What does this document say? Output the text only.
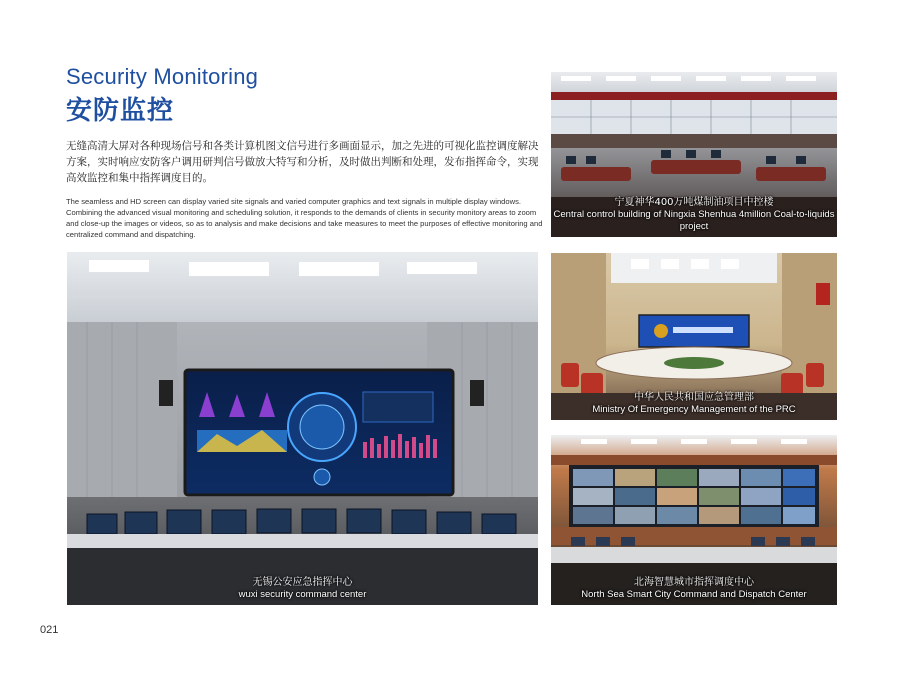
Security Monitoring
安防监控
无缝高清大屏对各种现场信号和各类计算机图文信号进行多画面显示，加之先进的可视化监控调度解决方案，实时响应安防客户调用研判信号做放大特写和分析，及时做出判断和处理，发布指挥命令，实现高效监控和集中指挥调度目的。
The seamless and HD screen can display varied site signals and varied computer graphics and text signals in multiple display windows. Combining the advanced visual monitoring and scheduling solution, it responds to the demands of clients in security monitory areas to zoom and close-up the images or videos, so as to analysis and make decisions and take measures to meet the purposes of effective monitoring and centralized command and dispatching.
无锡公安应急指挥中心
wuxi security command center
宁夏神华400万吨煤制油项目中控楼
Central control building of Ningxia Shenhua 4million Coal-to-liquids project
中华人民共和国应急管理部
Ministry Of Emergency Management of the PRC
北海智慧城市指挥调度中心
North Sea Smart City Command and Dispatch Center
021
